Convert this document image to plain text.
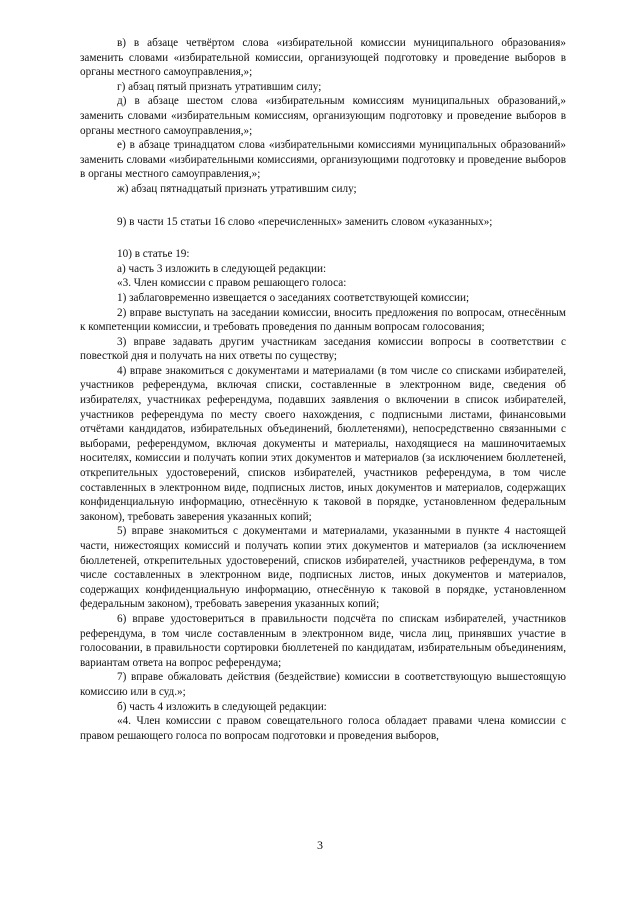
в) в абзаце четвёртом слова «избирательной комиссии муниципального образования» заменить словами «избирательной комиссии, организующей подготовку и проведение выборов в органы местного самоуправления,»;

г) абзац пятый признать утратившим силу;

д) в абзаце шестом слова «избирательным комиссиям муниципальных образований,» заменить словами «избирательным комиссиям, организующим подготовку и проведение выборов в органы местного самоуправления,»;

е) в абзаце тринадцатом слова «избирательными комиссиями муниципальных образований» заменить словами «избирательными комиссиями, организующими подготовку и проведение выборов в органы местного самоуправления,»;

ж) абзац пятнадцатый признать утратившим силу;

9) в части 15 статьи 16 слово «перечисленных» заменить словом «указанных»;

10) в статье 19:

а) часть 3 изложить в следующей редакции:

«3. Член комиссии с правом решающего голоса:

1) заблаговременно извещается о заседаниях соответствующей комиссии;

2) вправе выступать на заседании комиссии, вносить предложения по вопросам, отнесённым к компетенции комиссии, и требовать проведения по данным вопросам голосования;

3) вправе задавать другим участникам заседания комиссии вопросы в соответствии с повесткой дня и получать на них ответы по существу;

4) вправе знакомиться с документами и материалами (в том числе со списками избирателей, участников референдума, включая списки, составленные в электронном виде, сведения об избирателях, участниках референдума, подавших заявления о включении в список избирателей, участников референдума по месту своего нахождения, с подписными листами, финансовыми отчётами кандидатов, избирательных объединений, бюллетенями), непосредственно связанными с выборами, референдумом, включая документы и материалы, находящиеся на машиночитаемых носителях, комиссии и получать копии этих документов и материалов (за исключением бюллетеней, открепительных удостоверений, списков избирателей, участников референдума, в том числе составленных в электронном виде, подписных листов, иных документов и материалов, содержащих конфиденциальную информацию, отнесённую к таковой в порядке, установленном федеральным законом), требовать заверения указанных копий;

5) вправе знакомиться с документами и материалами, указанными в пункте 4 настоящей части, нижестоящих комиссий и получать копии этих документов и материалов (за исключением бюллетеней, открепительных удостоверений, списков избирателей, участников референдума, в том числе составленных в электронном виде, подписных листов, иных документов и материалов, содержащих конфиденциальную информацию, отнесённую к таковой в порядке, установленном федеральным законом), требовать заверения указанных копий;

6) вправе удостовериться в правильности подсчёта по спискам избирателей, участников референдума, в том числе составленным в электронном виде, числа лиц, принявших участие в голосовании, в правильности сортировки бюллетеней по кандидатам, избирательным объединениям, вариантам ответа на вопрос референдума;

7) вправе обжаловать действия (бездействие) комиссии в соответствующую вышестоящую комиссию или в суд.»;

б) часть 4 изложить в следующей редакции:

«4. Член комиссии с правом совещательного голоса обладает правами члена комиссии с правом решающего голоса по вопросам подготовки и проведения выборов,

3
